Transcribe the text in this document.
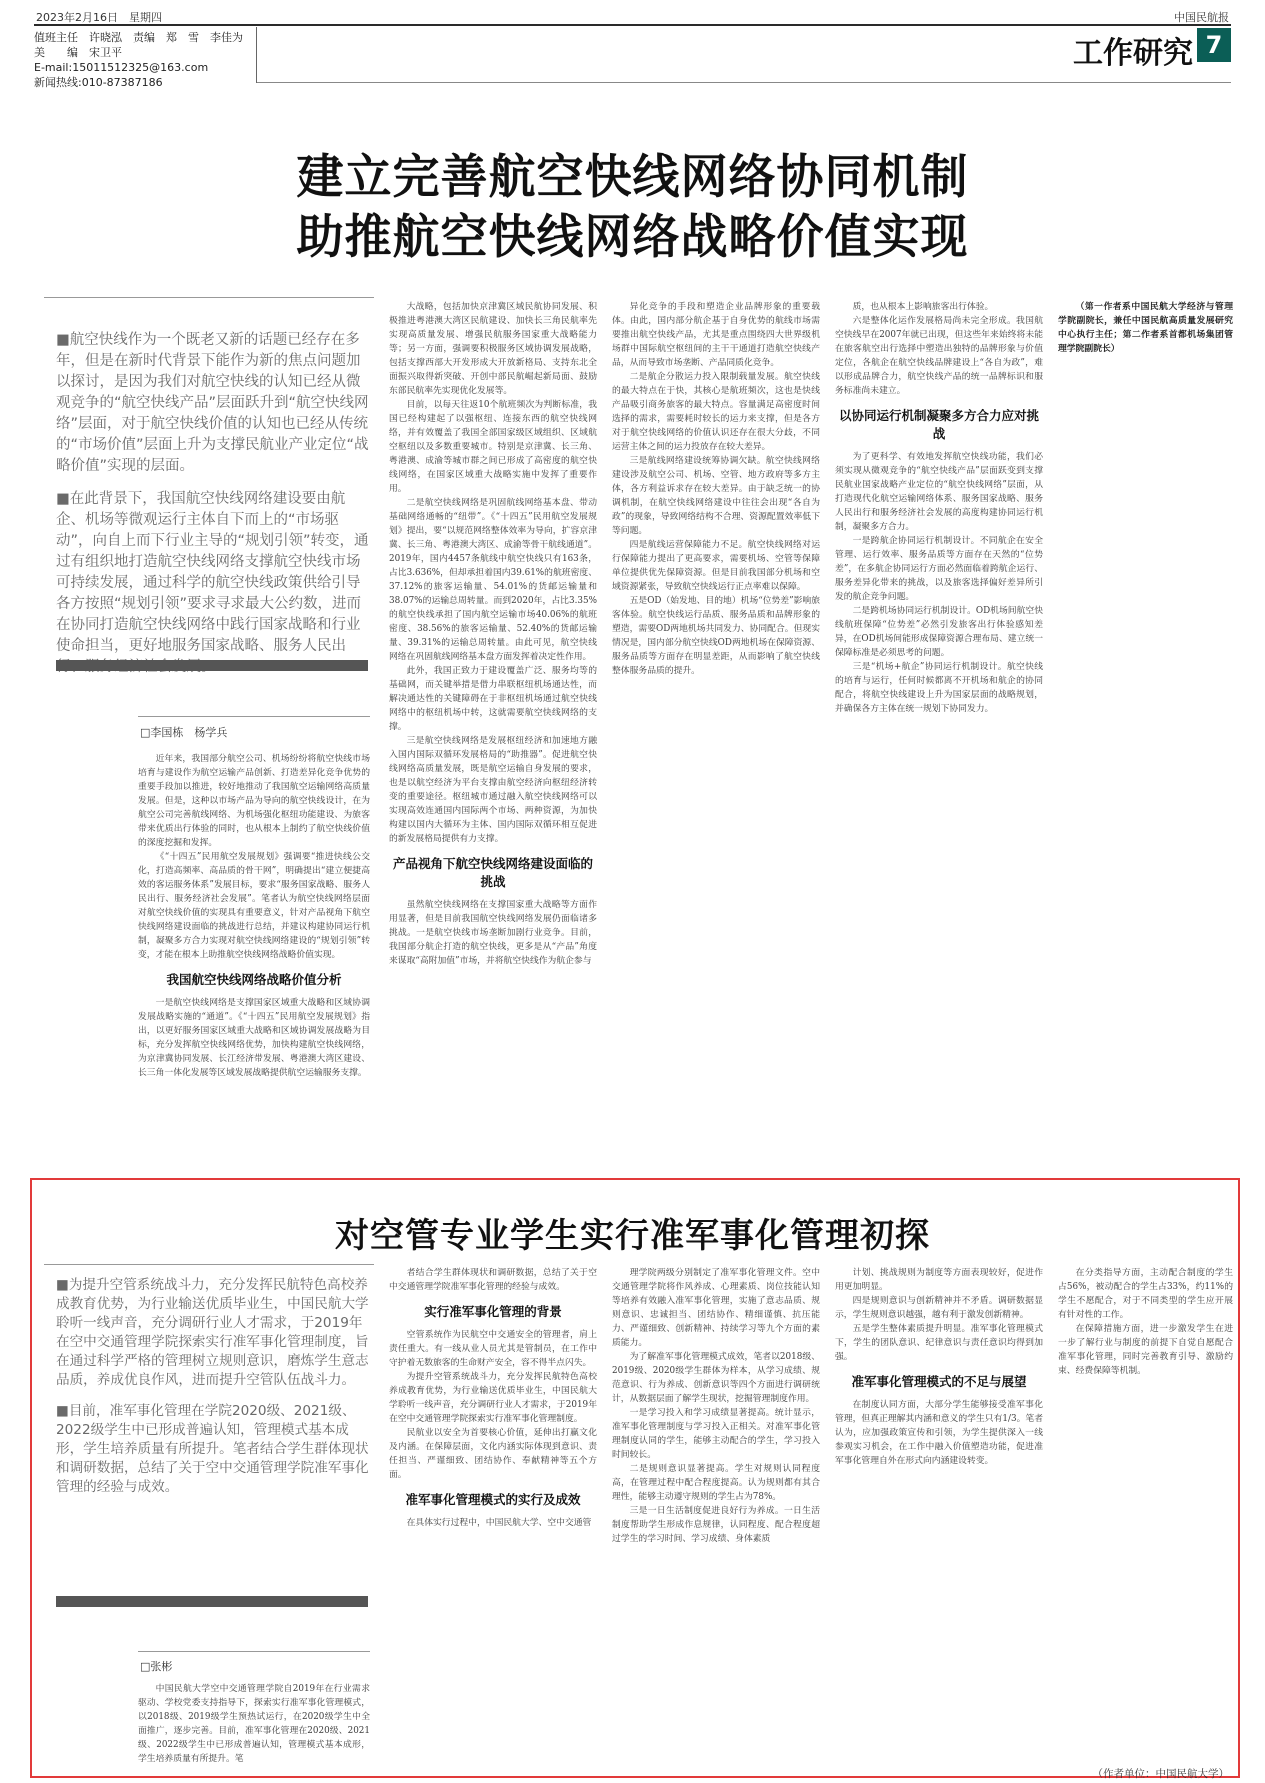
2023年2月16日　星期四	中国民航报
值班主任　许晓泓　责编　郑　雪　李佳为
美　　编　宋卫平
E-mail:15011512325@163.com
新闻热线:010-87387186
工作研究 7
建立完善航空快线网络协同机制
助推航空快线网络战略价值实现

■航空快线作为一个既老又新的话题已经存在多年，但是在新时代背景下能作为新的焦点问题加以探讨，是因为我们对航空快线的认知已经从微观竞争的“航空快线产品”层面跃升到“航空快线网络”层面，对于航空快线价值的认知也已经从传统的“市场价值”层面上升为支撑民航业产业定位“战略价值”实现的层面。

■在此背景下，我国航空快线网络建设要由航企、机场等微观运行主体自下而上的“市场驱动”，向自上而下行业主导的“规划引领”转变，通过有组织地打造航空快线网络支撑航空快线市场可持续发展，通过科学的航空快线政策供给引导各方按照“规划引领”要求寻求最大公约数，进而在协同打造航空快线网络中践行国家战略和行业使命担当，更好地服务国家战略、服务人民出

□李国栋　杨学兵

近年来，我国部分航空公司、机场纷纷将航空快线市场培育与建设作为航空运输产品创新、打造差异化竞争优势的重要手段加以推进，较好地推动了我国航空运输网络高质量发展。但是，这种以市场产品为导向的航空快线设计，在为航空公司完善航线网络、为机场强化枢纽功能建设、为旅客带来优质出行体验的同时，也从根本上制约了航空快线价值的深度挖掘和发挥。

《“十四五”民用航空发展规划》强调要“推进快线公交化，打造高频率、高品质的骨干网”，明确提出“建立便捷高效的客运服务体系”发展目标，要求“服务国家战略、服务人民出行、服务经济社会发展”。笔者认为航空快线网络层面对航空快线价值的实现具有重要意义，针对产品视角下航空快线网络建设面临的挑战进行总结，并建议构建协同运行机制，凝聚多方合力实现对航空快线网络建设的“规划引领”转变，才能在根本上助推航空快线网络战略价值实现。

我国航空快线网络战略价值分析

一是航空快线网络是支撑国家区域重大战略和区域协调发展战略实施的“通道”。《“十四五”民用航空发展规划》指出，以更好服务国家区域重大战略和区域协调发展战略为目标，充分发挥航空快线网络优势，加快构建航空快线网络，为京津冀协同发展、长江经济带发展、粤港澳大湾区建设、长三角一体化发展等区域发展战略提供航空运输服务支撑。

大战略，包括加快京津冀区域民航协同发展、积极推进粤港澳大湾区民航建设、加快长三角民航率先实现高质量发展、增强民航服务国家重大战略能力等；另一方面，强调要积极服务区域协调发展战略，包括支撑西部大开发形成大开放新格局、支持东北全面振兴取得新突破、开创中部民航崛起新局面、鼓励东部民航率先实现优化发展等。

目前，以每天往返10个航班频次为判断标准，我国已经构建起了以强枢纽、连接东西的航空快线网络，并有效覆盖了我国全部国家级区域组织、区域航空枢纽以及多数重要城市。特别是京津冀、长三角、粤港澳、成渝等城市群之间已形成了高密度的航空快线网络，在国家区域重大战略实施中发挥了重要作用。

二是航空快线网络是巩固航线网络基本盘、带动基础网络通畅的“纽带”。《“十四五”民用航空发展规划》提出，要“以规范网络整体效率为导向，扩容京津冀、长三角、粤港澳大湾区、成渝等骨干航线通道”。2019年，国内4457条航线中航空快线只有163条，占比3.636%，但却承担着国内39.61%的航班密度、37.12%的旅客运输量、54.01%的货邮运输量和38.07%的运输总周转量。而到2020年，占比3.35%的航空快线承担了国内航空运输市场40.06%的航班密度、38.56%的旅客运输量、52.40%的货邮运输量、39.31%的运输总周转量。由此可见，航空快线网络在巩固航线网络基本盘方面发挥着决定性作用。

此外，我国正致力于建设覆盖广泛、服务均等的基础网，而关键举措是借力串联枢纽机场通达性，而解决通达性的关键障碍在于非枢纽机场通过航空快线网络中的枢纽机场中转，这就需要航空快线网络的支撑。

三是航空快线网络是发展枢纽经济和加速地方融入国内国际双循环发展格局的“助推器”。促进航空快线网络高质量发展，既是航空运输自身发展的要求，也是以航空经济为平台支撑由航空经济向枢纽经济转变的重要途径。枢纽城市通过融入航空快线网络可以实现高效连通国内国际两个市场、两种资源，为加快构建以国内大循环为主体、国内国际双循环相互促进的新发展格局提供有力支撑。

产品视角下航空快线网络建设面临的挑战

虽然航空快线网络在支撑国家重大战略等方面作用显著，但是目前我国航空快线网络发展仍面临诸多挑战。一是航空快线市场垄断加剧行业竞争。目前，我国部分航企打造的航空快线，更多是从“产品”角度来谋取“高附加值”市场，并将航空快线作为航企参与

异化竞争的手段和塑造企业品牌形象的重要载体。由此，国内部分航企基于自身优势的航线市场需要推出航空快线产品，尤其是重点围绕四大世界级机场群中国际航空枢纽间的主干干通道打造航空快线产品，从而导致市场垄断、产品同质化竞争。

二是航企分散运力投入限制载量发展。航空快线的最大特点在于快，其核心是航班频次，这也是快线产品吸引商务旅客的最大特点。容量满足高密度时间选择的需求，需要耗时较长的运力来支撑，但是各方对于航空快线网络的价值认识还存在很大分歧，不同运营主体之间的运力投放存在较大差异。

三是航线网络建设统筹协调欠缺。航空快线网络建设涉及航空公司、机场、空管、地方政府等多方主体，各方利益诉求存在较大差异。由于缺乏统一的协调机制，在航空快线网络建设中往往会出现“各自为政”的现象，导致网络结构不合理、资源配置效率低下等问题。

四是航线运营保障能力不足。航空快线网络对运行保障能力提出了更高要求，需要机场、空管等保障单位提供优先保障资源。但是目前我国部分机场和空域资源紧张，导致航空快线运行正点率难以保障。

五是OD（始发地、目的地）机场“位势差”影响旅客体验。航空快线运行品质、服务品质和品牌形象的塑造，需要OD两地机场共同发力、协同配合。但现实情况是，国内部分航空快线OD两地机场在保障资源、服务品质等方面存在明显差距，从而影响了航空快线整体服务品质的提升。

质，也从根本上影响旅客出行体验。

六是整体化运作发展格局尚未完全形成。我国航空快线早在2007年就已出现，但这些年来始终将未能在旅客航空出行选择中塑造出独特的品牌形象与价值定位，各航企在航空快线品牌建设上“各自为政”，难以形成品牌合力，航空快线产品的统一品牌标识和服务标准尚未建立。

以协同运行机制凝聚多方合力应对挑战

为了更科学、有效地发挥航空快线功能，我们必须实现从微观竞争的“航空快线产品”层面跃变到支撑民航业国家战略产业定位的“航空快线网络”层面，从打造现代化航空运输网络体系、服务国家战略、服务人民出行和服务经济社会发展的高度构建协同运行机制，凝聚多方合力。

一是跨航企协同运行机制设计。不同航企在安全管理、运行效率、服务品质等方面存在天然的“位势差”，在多航企协同运行方面必然面临着跨航企运行、服务差异化带来的挑战，以及旅客选择偏好差异所引发的航企竞争问题。

二是跨机场协同运行机制设计。OD机场间航空快线航班保障“位势差”必然引发旅客出行体验感知差异，在OD机场间能形成保障资源合理布局、建立统一保障标准是必须思考的问题。

三是“机场+航企”协同运行机制设计。航空快线的培育与运行，任何时候都离不开机场和航企的协同配合，将航空快线建设上升为国家层面的战略规划，并确保各方主体在统一规划下协同发力。

（第一作者系中国民航大学经济与管理学院副院长，兼任中国民航高质量发展研究中心执行主任；第二作者系首都机场集团管理学院副院长）

对空管专业学生实行准军事化管理初探

■为提升空管系统战斗力，充分发挥民航特色高校养成教育优势，为行业输送优质毕业生，中国民航大学聆听一线声音，充分调研行业人才需求，于2019年在空中交通管理学院探索实行准军事化管理制度，旨在通过科学严格的管理树立规则意识，磨炼学生意志品质，养成优良作风，进而提升空管队伍战斗力。

■目前，准军事化管理在学院2020级、2021级、2022级学生中已形成普遍认知，管理模式基本成形，学生培养质量有所提升。笔者结合学生群体现状和调研数据，总结了关于空中交通管理学院准军事化管理的经验与成效。

□张彬

中国民航大学空中交通管理学院自2019年在行业需求驱动、学校党委支持指导下，探索实行准军事化管理模式，以2018级、2019级学生预热试运行，在2020级学生中全面推广，逐步完善。目前，准军事化管理在2020级、2021级、2022级学生中已形成普遍认知，管理模式基本成形，学生培养质量有所提升。笔

者结合学生群体现状和调研数据，总结了关于空中交通管理学院准军事化管理的经验与成效。

实行准军事化管理的背景

空管系统作为民航空中交通安全的管理者，肩上责任重大。有一线从业人员尤其是管制员，在工作中守护着无数旅客的生命财产安全，容不得半点闪失。

为提升空管系统战斗力，充分发挥民航特色高校养成教育优势，为行业输送优质毕业生，中国民航大学聆听一线声音，充分调研行业人才需求，于2019年在空中交通管理学院探索实行准军事化管理制度。

民航业以安全为首要核心价值，延伸出打赢文化及内涵。在保障层面，文化内涵实际体现到意识、责任担当、严谨细致、团结协作、奉献精神等五个方面。

准军事化管理模式的实行及成效

在具体实行过程中，中国民航大学、空中交通管

理学院两级分别制定了准军事化管理文件。空中交通管理学院将作风养成、心理素质、岗位技能认知等培养有效融入准军事化管理，实施了意志品质、规则意识、忠诚担当、团结协作、精细谨慎、抗压能力、严谨细致、创新精神、持续学习等九个方面的素质能力。

为了解准军事化管理模式成效，笔者以2018级、2019级、2020级学生群体为样本，从学习成绩、规范意识、行为养成、创新意识等四个方面进行调研统计，从数据层面了解学生现状，挖掘管理制度作用。

一是学习投入和学习成绩显著提高。统计显示，准军事化管理制度与学习投入正相关。对准军事化管理制度认同的学生，能够主动配合的学生，学习投入时间较长。

二是规则意识显著提高。学生对规则认同程度高，在管理过程中配合程度提高。认为规则都有其合理性，能够主动遵守规则的学生占为78%。

三是一日生活制度促进良好行为养成。一日生活制度帮助学生形成作息规律，认同程度、配合程度超过学生的学习时间、学习成绩、身体素质

计划、挑战规则为制度等方面表现较好，促进作用更加明显。

四是规则意识与创新精神并不矛盾。调研数据显示，学生规则意识越强，越有利于激发创新精神。

五是学生整体素质提升明显。准军事化管理模式下，学生的团队意识、纪律意识与责任意识均得到加强。

准军事化管理模式的不足与展望

在制度认同方面，大部分学生能够接受准军事化管理，但真正理解其内涵和意义的学生只有1/3。笔者认为，应加强政策宣传和引领，为学生提供深入一线参观实习机会，在工作中融入价值塑造功能，促进准军事化管理自外在形式向内涵建设转变。

在分类指导方面，主动配合制度的学生占56%，被动配合的学生占33%，约11%的学生不愿配合，对于不同类型的学生应开展有针对性的工作。

在保障措施方面，进一步激发学生在进一步了解行业与制度的前提下自觉自愿配合准军事化管理，同时完善教育引导、激励约束、经费保障等机制。

（作者单位：中国民航大学）
